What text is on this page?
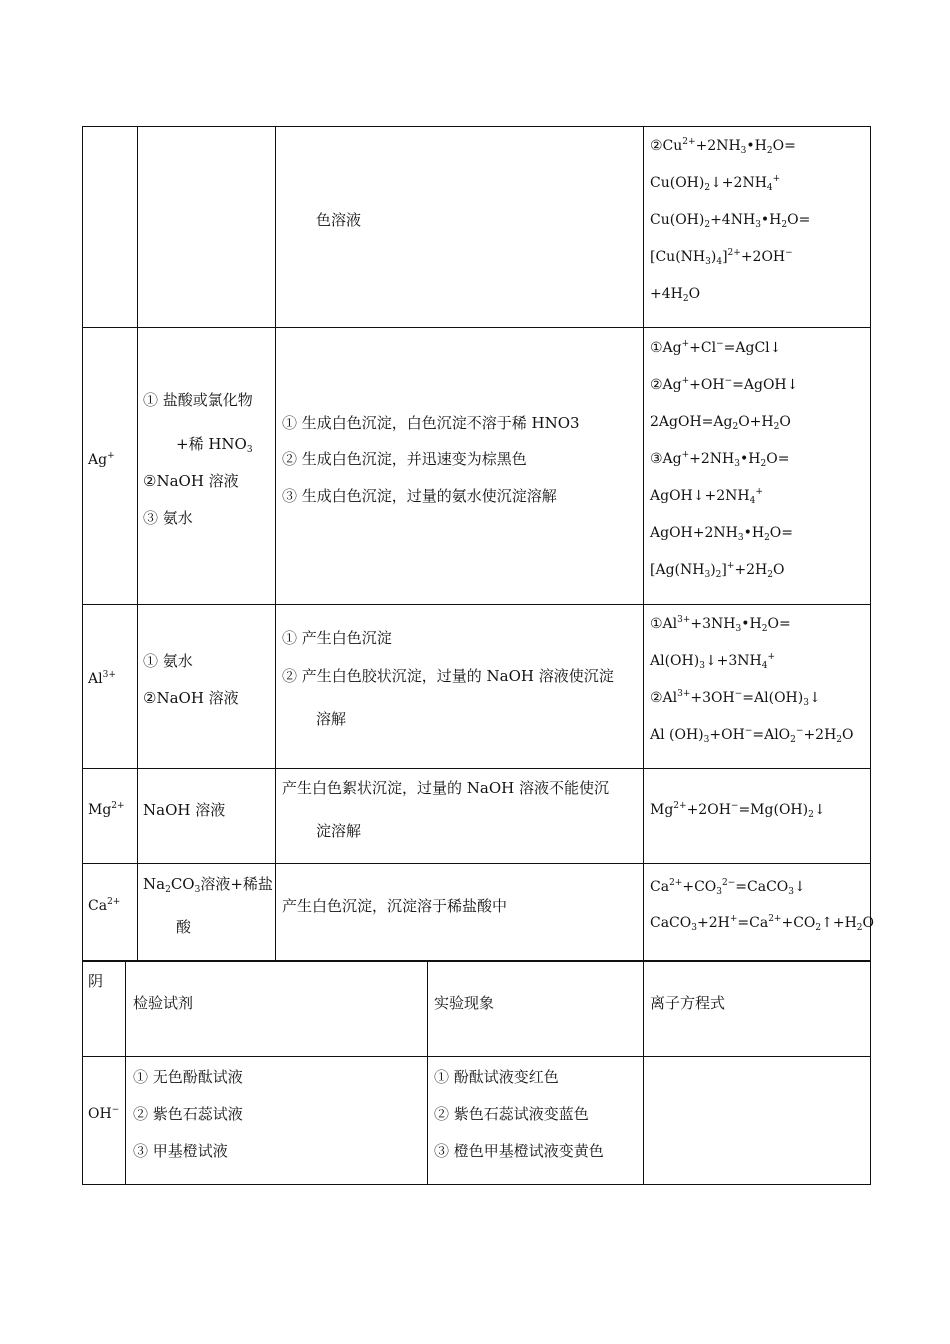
色溶液
$②Cu^{2+}+2NH_3•H_2O=$
$Cu(OH)_2↓+2NH_4^+$
$Cu(OH)_2+4NH_3•H_2O=$
$[Cu(NH_3)_4]^{2+}+2OH^-$
$+4H_2O$
Ag+
① 盐酸或氯化物
+稀 $HNO_3$
②NaOH 溶液
③ 氨水
① 生成白色沉淀，白色沉淀不溶于稀 HNO3
② 生成白色沉淀，并迅速变为棕黑色
③ 生成白色沉淀，过量的氨水使沉淀溶解
①Ag++Cl−=AgCl↓
②Ag++OH−=AgOH↓
$2AgOH=Ag_2O+H_2O$
$③Ag^++2NH_3•H_2O=$
$AgOH↓+2NH_4^+$
$AgOH+2NH_3•H_2O=$
$[Ag(NH_3)_2]^++2H_2O$
$Al^{3+}$
① 氨水
②NaOH 溶液
① 产生白色沉淀
② 产生白色胶状沉淀，过量的 NaOH 溶液使沉淀
溶解
$①Al^{3+}+3NH_3•H_2O=$
$Al(OH)_3↓+3NH_4^+$
$②Al^{3+}+3OH^-=Al(OH)_3↓$
Al $(OH)_3+OH^-=AlO_2^-+2H_2O$
$Mg^{2+}$ NaOH 溶液
产生白色絮状沉淀，过量的 NaOH 溶液不能使沉
淀溶解
$Mg^{2+}+2OH^-=Mg(OH)_2↓$
$Ca^{2+}$
$Na_2CO_3$溶液+稀盐
酸
产生白色沉淀，沉淀溶于稀盐酸中
$Ca^{2+}+CO_3^{2-}=CaCO_3↓$
$CaCO_3+2H^+=Ca^{2+}+CO_2↑+H_2O$
阴
检验试剂	实验现象	离子方程式
OH−
① 无色酚酞试液
② 紫色石蕊试液
③ 甲基橙试液
① 酚酞试液变红色
② 紫色石蕊试液变蓝色
③ 橙色甲基橙试液变黄色
